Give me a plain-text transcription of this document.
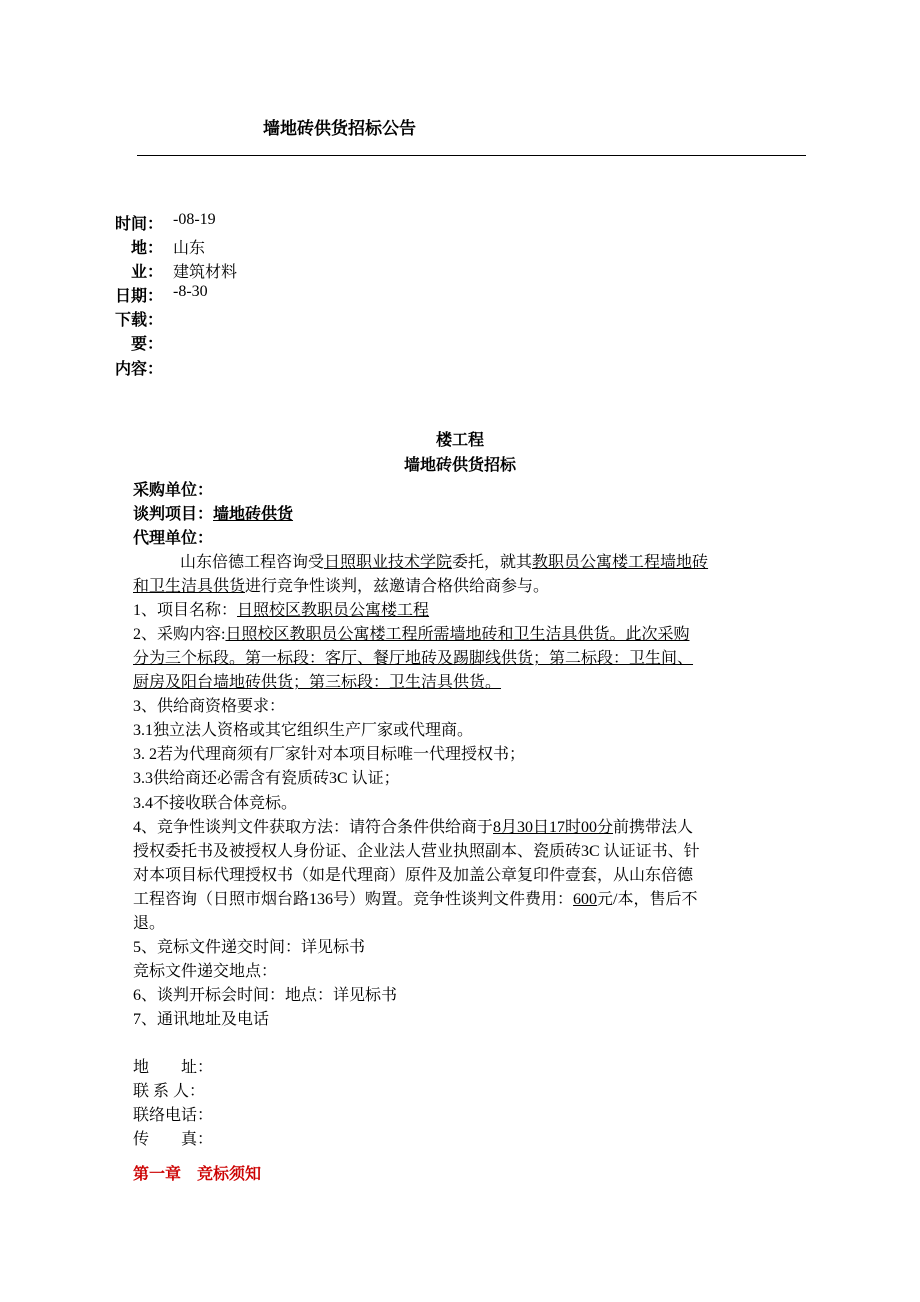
墙地砖供货招标公告
时间： -08-19
地： 山东
业： 建筑材料
日期： -8-30
下载：
要：
内容：
楼工程
墙地砖供货招标
采购单位：
谈判项目：墙地砖供货
代理单位：
山东倍德工程咨询受日照职业技术学院委托，就其教职员公寓楼工程墙地砖
和卫生洁具供货进行竞争性谈判，兹邀请合格供给商参与。
1、项目名称：日照校区教职员公寓楼工程
2、采购内容:日照校区教职员公寓楼工程所需墙地砖和卫生洁具供货。此次采购
分为三个标段。第一标段：客厅、餐厅地砖及踢脚线供货；第二标段：卫生间、
厨房及阳台墙地砖供货；第三标段：卫生洁具供货。
3、供给商资格要求：
3.1独立法人资格或其它组织生产厂家或代理商。
3. 2若为代理商须有厂家针对本项目标唯一代理授权书；
3.3供给商还必需含有瓷质砖3C 认证；
3.4不接收联合体竞标。
4、竞争性谈判文件获取方法：请符合条件供给商于8月30日17时00分前携带法人
授权委托书及被授权人身份证、企业法人营业执照副本、瓷质砖3C 认证证书、针
对本项目标代理授权书（如是代理商）原件及加盖公章复印件壹套，从山东倍德
工程咨询（日照市烟台路136号）购置。竞争性谈判文件费用：600元/本，售后不
退。
5、竞标文件递交时间：详见标书
竞标文件递交地点：
6、谈判开标会时间：地点：详见标书
7、通讯地址及电话
地　　址：
联 系 人：
联络电话：
传　　真：
第一章　竞标须知
